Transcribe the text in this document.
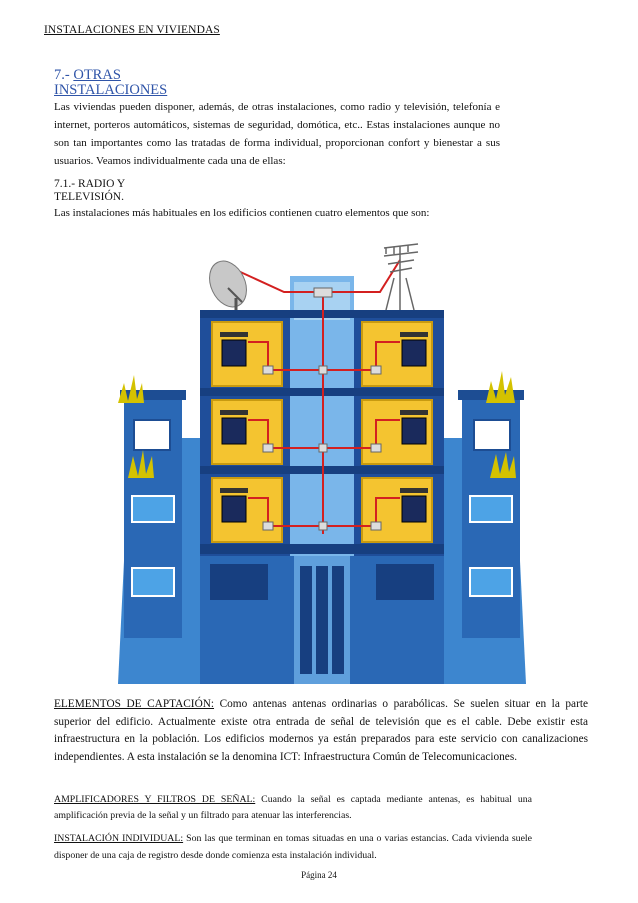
INSTALACIONES EN VIVIENDAS
7.- OTRAS INSTALACIONES
Las viviendas pueden disponer, además, de otras instalaciones, como radio y televisión, telefonía e internet, porteros automáticos, sistemas de seguridad, domótica, etc.. Estas instalaciones aunque no son tan importantes como las tratadas de forma individual, proporcionan confort y bienestar a sus usuarios. Veamos individualmente cada una de ellas:
7.1.- RADIO Y TELEVISIÓN.
Las instalaciones más habituales en los edificios contienen cuatro elementos que son:
ELEMENTOS DE CAPTACIÓN: Como antenas antenas ordinarias o parabólicas. Se suelen situar en la parte superior del edificio. Actualmente existe otra entrada de señal de televisión que es el cable. Debe existir esta infraestructura en la población. Los edificios modernos ya están preparados para este servicio con canalizaciones independientes. A esta instalación se la denomina ICT: Infraestructura Común de Telecomunicaciones.
AMPLIFICADORES Y FILTROS DE SEÑAL: Cuando la señal es captada mediante antenas, es habitual una amplificación previa de la señal y un filtrado para atenuar las interferencias.
INSTALACIÓN INDIVIDUAL: Son las que terminan en tomas situadas en una o varias estancias. Cada vivienda suele disponer de una caja de registro desde donde comienza esta instalación individual.
Página 24
